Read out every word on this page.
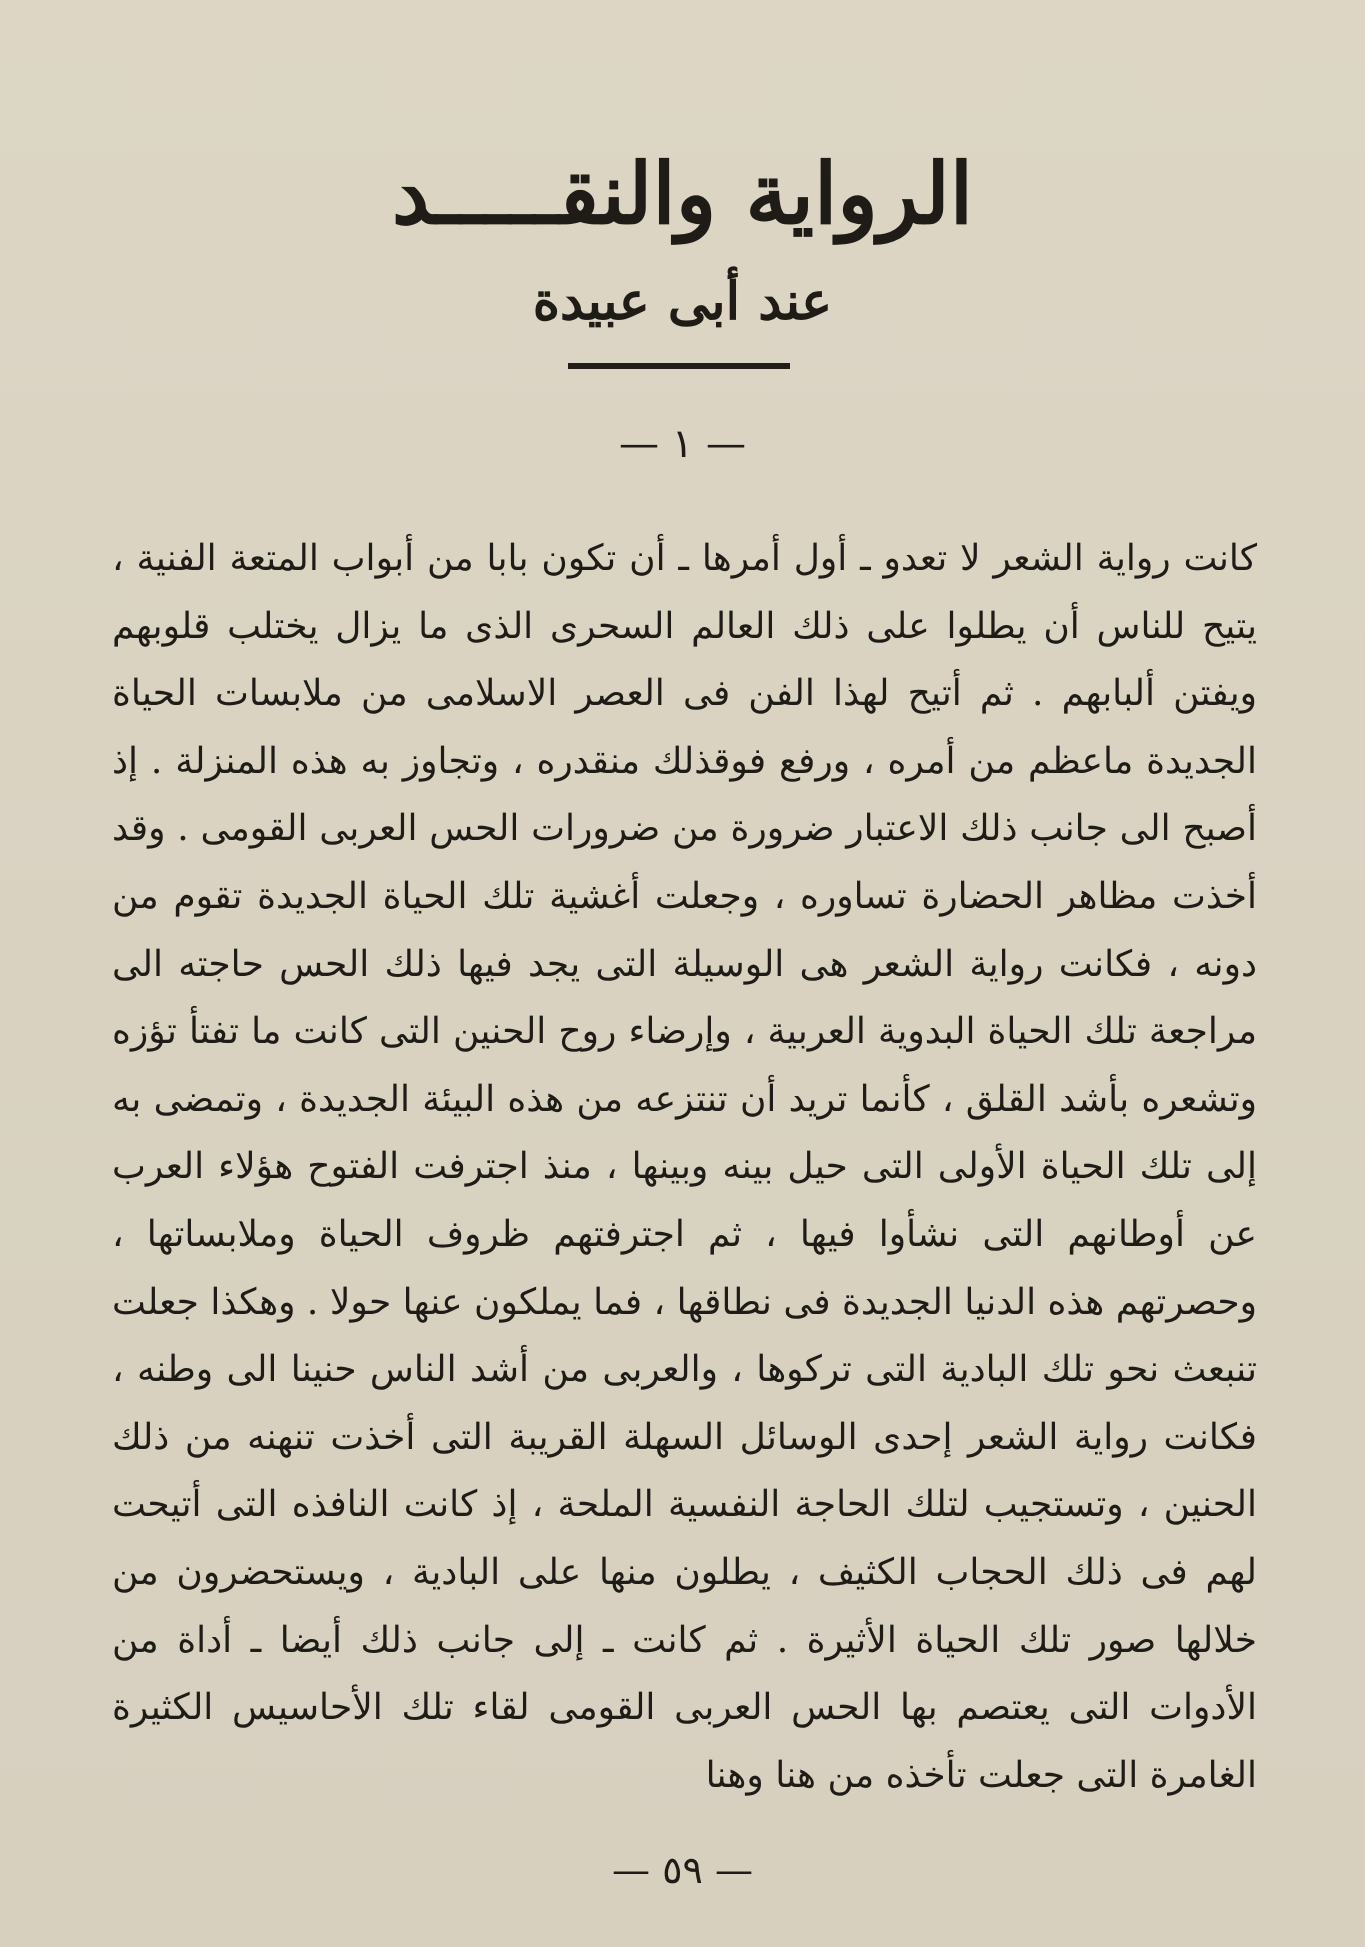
الرواية والنقـــــد
عند أبى عبيدة
— ١ —

كانت رواية الشعر لا تعدو ـ أول أمرها ـ أن تكون بابا من أبواب المتعة الفنية ، يتيح للناس أن يطلوا على ذلك العالم السحرى الذى ما يزال يختلب قلوبهم ويفتن ألبابهم . ثم أتيح لهذا الفن فى العصر الاسلامى من ملابسات الحياة الجديدة ماعظم من أمره ، ورفع فوقذلك منقدره ، وتجاوز به هذه المنزلة . إذ أصبح الى جانب ذلك الاعتبار ضرورة من ضرورات الحس العربى القومى . وقد أخذت مظاهر الحضارة تساوره ، وجعلت أغشية تلك الحياة الجديدة تقوم من دونه ، فكانت رواية الشعر هى الوسيلة التى يجد فيها ذلك الحس حاجته الى مراجعة تلك الحياة البدوية العربية ، وإرضاء روح الحنين التى كانت ما تفتأ تؤزه وتشعره بأشد القلق ، كأنما تريد أن تنتزعه من هذه البيئة الجديدة ، وتمضى به إلى تلك الحياة الأولى التى حيل بينه وبينها ، منذ اجترفت الفتوح هؤلاء العرب عن أوطانهم التى نشأوا فيها ، ثم اجترفتهم ظروف الحياة وملابساتها ، وحصرتهم هذه الدنيا الجديدة فى نطاقها ، فما يملكون عنها حولا . وهكذا جعلت تنبعث نحو تلك البادية التى تركوها ، والعربى من أشد الناس حنينا الى وطنه ، فكانت رواية الشعر إحدى الوسائل السهلة القريبة التى أخذت تنهنه من ذلك الحنين ، وتستجيب لتلك الحاجة النفسية الملحة ، إذ كانت النافذه التى أتيحت لهم فى ذلك الحجاب الكثيف ، يطلون منها على البادية ، ويستحضرون من خلالها صور تلك الحياة الأثيرة . ثم كانت ـ إلى جانب ذلك أيضا ـ أداة من الأدوات التى يعتصم بها الحس العربى القومى لقاء تلك الأحاسيس الكثيرة الغامرة التى جعلت تأخذه من هنا وهنا

— ٥٩ —
